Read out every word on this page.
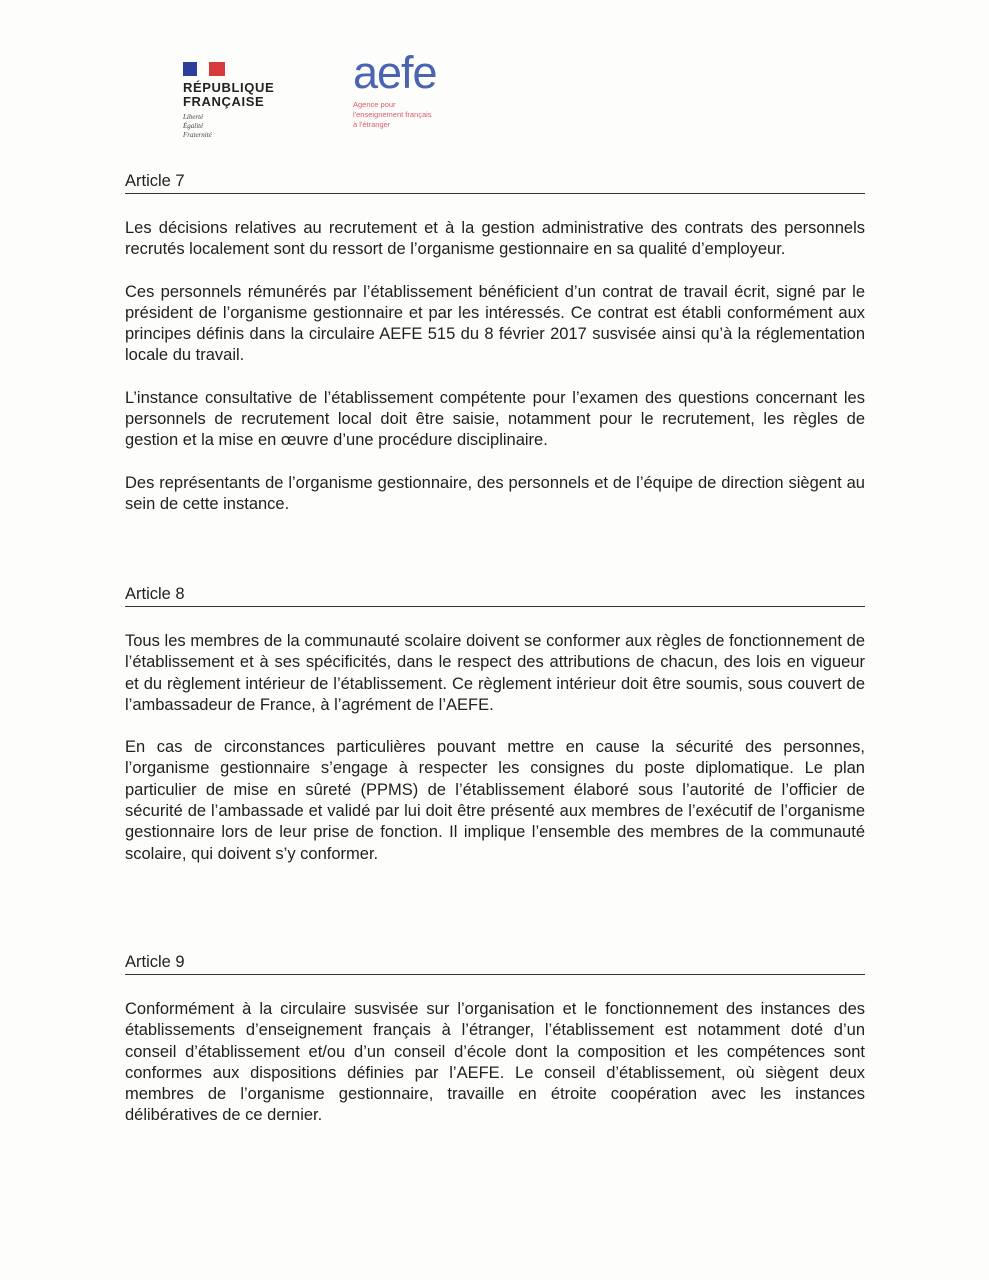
RÉPUBLIQUE
FRANÇAISE
Liberté
Égalité
Fraternité
aefe
Agence pour
l'enseignement français
à l'étranger
Article 7

Les décisions relatives au recrutement et à la gestion administrative des contrats des personnels recrutés localement sont du ressort de l’organisme gestionnaire en sa qualité d’employeur.

Ces personnels rémunérés par l’établissement bénéficient d’un contrat de travail écrit, signé par le président de l’organisme gestionnaire et par les intéressés. Ce contrat est établi conformément aux principes définis dans la circulaire AEFE 515 du 8 février 2017 susvisée ainsi qu’à la réglementation locale du travail.

L’instance consultative de l’établissement compétente pour l’examen des questions concernant les personnels de recrutement local doit être saisie, notamment pour le recrutement, les règles de gestion et la mise en œuvre d’une procédure disciplinaire.

Des représentants de l’organisme gestionnaire, des personnels et de l’équipe de direction siègent au sein de cette instance.

Article 8

Tous les membres de la communauté scolaire doivent se conformer aux règles de fonctionnement de l’établissement et à ses spécificités, dans le respect des attributions de chacun, des lois en vigueur et du règlement intérieur de l’établissement. Ce règlement intérieur doit être soumis, sous couvert de l’ambassadeur de France, à l’agrément de l’AEFE.

En cas de circonstances particulières pouvant mettre en cause la sécurité des personnes, l’organisme gestionnaire s’engage à respecter les consignes du poste diplomatique. Le plan particulier de mise en sûreté (PPMS) de l’établissement élaboré sous l’autorité de l’officier de sécurité de l’ambassade et validé par lui doit être présenté aux membres de l’exécutif de l’organisme gestionnaire lors de leur prise de fonction. Il implique l’ensemble des membres de la communauté scolaire, qui doivent s’y conformer.

Article 9

Conformément à la circulaire susvisée sur l’organisation et le fonctionnement des instances des établissements d’enseignement français à l’étranger, l’établissement est notamment doté d’un conseil d’établissement et/ou d’un conseil d’école dont la composition et les compétences sont conformes aux dispositions définies par l’AEFE. Le conseil d’établissement, où siègent deux membres de l’organisme gestionnaire, travaille en étroite coopération avec les instances délibératives de ce dernier.
